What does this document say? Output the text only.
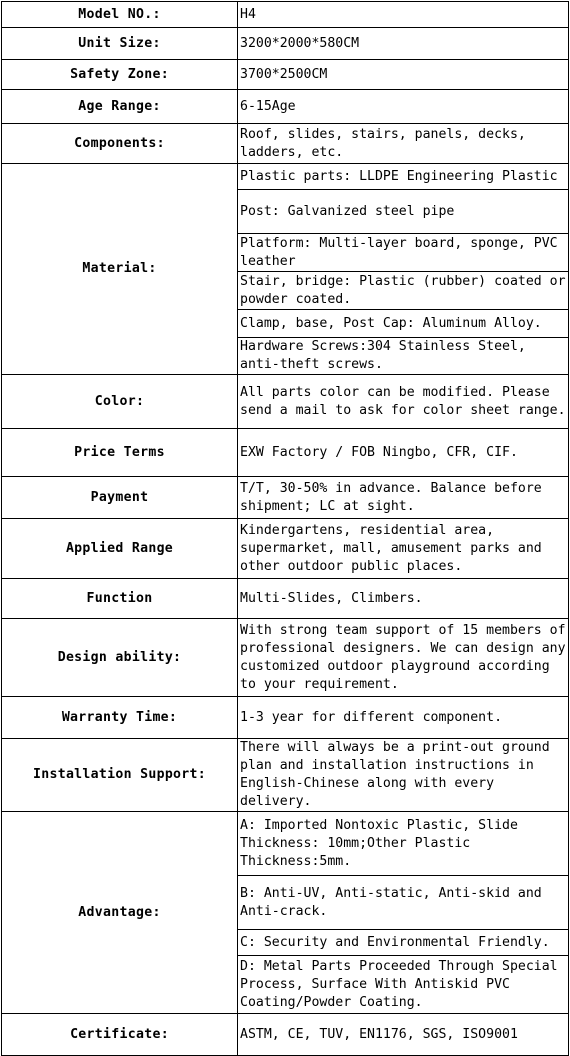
Model NO.:	H4
Unit Size:	3200*2000*580CM
Safety Zone:	3700*2500CM
Age Range:	6-15Age
Components:	Roof, slides, stairs, panels, decks, ladders, etc.
Material:	Plastic parts: LLDPE Engineering Plastic
	Post: Galvanized steel pipe
	Platform: Multi-layer board, sponge, PVC leather
	Stair, bridge: Plastic (rubber) coated or powder coated.
	Clamp, base, Post Cap: Aluminum Alloy.
	Hardware Screws:304 Stainless Steel, anti-theft screws.
Color:	All parts color can be modified. Please send a mail to ask for color sheet range.
Price Terms	EXW Factory / FOB Ningbo, CFR, CIF.
Payment	T/T, 30-50% in advance. Balance before shipment; LC at sight.
Applied Range	Kindergartens, residential area, supermarket, mall, amusement parks and other outdoor public places.
Function	Multi-Slides, Climbers.
Design ability:	With strong team support of 15 members of professional designers. We can design any customized outdoor playground according to your requirement.
Warranty Time:	1-3 year for different component.
Installation Support:	There will always be a print-out ground plan and installation instructions in English-Chinese along with every delivery.
Advantage:	A: Imported Nontoxic Plastic, Slide Thickness: 10mm;Other Plastic Thickness:5mm.
	B: Anti-UV, Anti-static, Anti-skid and Anti-crack.
	C: Security and Environmental Friendly.
	D: Metal Parts Proceeded Through Special Process, Surface With Antiskid PVC Coating/Powder Coating.
Certificate:	ASTM, CE, TUV, EN1176, SGS, ISO9001
